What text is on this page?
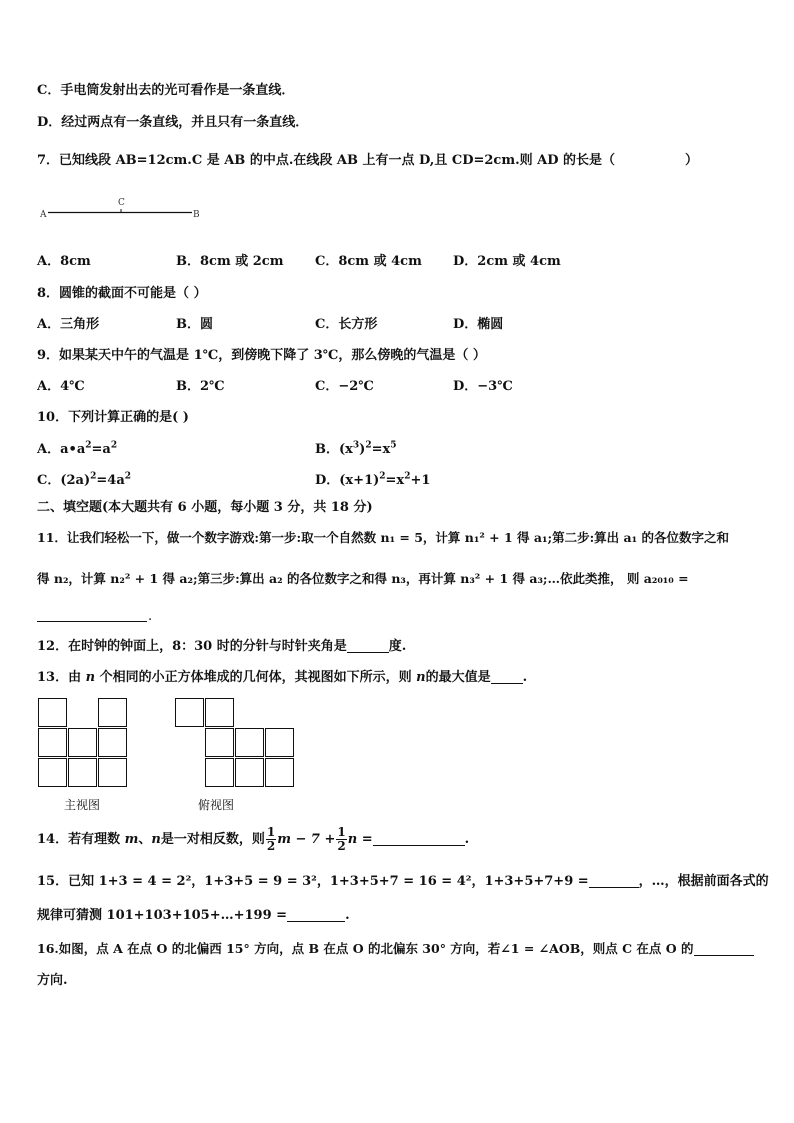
C．手电筒发射出去的光可看作是一条直线．
D．经过两点有一条直线，并且只有一条直线．
7．已知线段 AB=12cm.C 是 AB 的中点.在线段 AB 上有一点 D,且 CD=2cm.则 AD 的长是（	）
A
C
B
A．8cm	B．8cm 或 2cm C．8cm 或 4cm D．2cm 或 4cm
8．圆锥的截面不可能是（ ）
A．三角形	B．圆	C．长方形	D．椭圆
9．如果某天中午的气温是 1℃，到傍晚下降了 3℃，那么傍晚的气温是（ ）
A．4℃	B．2℃	C．−2℃	D．−3℃
10．下列计算正确的是( )
A．$a•a^2=a^2$	B．$(x^3)^2=x^5$
C．$(2a)^2=4a^2$	D．$(x+1)^2=x^2+1$
二、填空题(本大题共有 6 小题，每小题 3 分，共 18 分)
11．让我们轻松一下，做一个数字游戏:第一步:取一个自然数 n₁ = 5，计算 n₁² + 1 得 a₁;第二步:算出 a₁ 的各位数字之和
得 n₂，计算 n₂² + 1 得 a₂;第三步:算出 a₂ 的各位数字之和得 n₃，再计算 n₃² + 1 得 a₃;…依此类推， 则 a₂₀₁₀ =
.
12．在时钟的钟面上，8：30 时的分针与时针夹角是	度.
13．由 n 个相同的小正方体堆成的几何体，其视图如下所示，则 n的最大值是 .
主视图	俯视图
14．若有理数 m、n是一对相反数，则 $\frac{1}{2}$ $m - 7 + \frac{1}{2}$ n =	.
15．已知 1+3 = 4 = 2²，1+3+5 = 9 = 3²，1+3+5+7 = 16 = 4²，1+3+5+7+9 =	，…，根据前面各式的
规律可猜测 101+103+105+…+199 =	.
16.如图，点 A 在点 O 的北偏西 15° 方向，点 B 在点 O 的北偏东 30° 方向，若∠1 = ∠AOB，则点 C 在点 O 的
方向.
